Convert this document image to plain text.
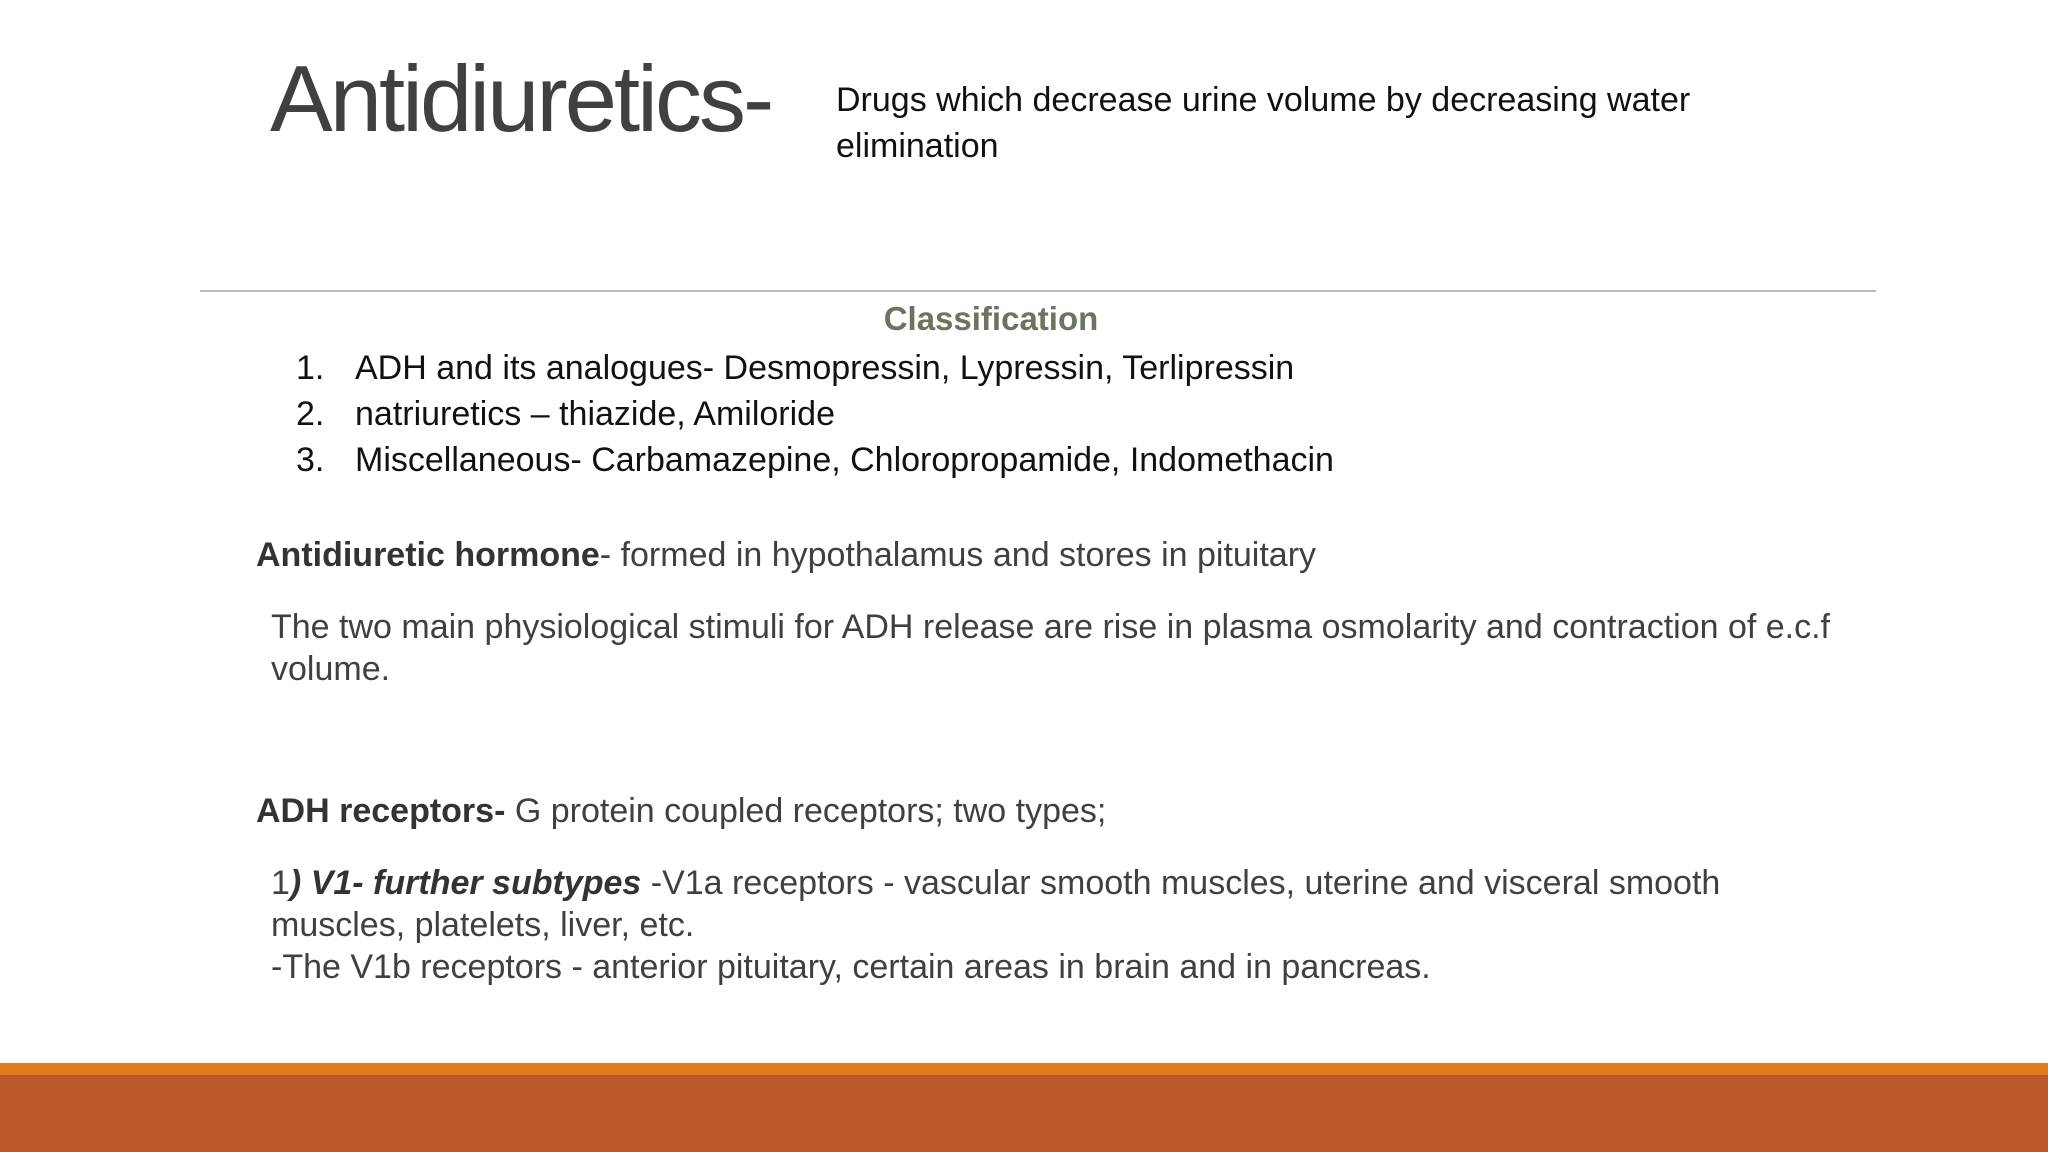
Antidiuretics- Drugs which decrease urine volume by decreasing water elimination
Classification
1. ADH and its analogues- Desmopressin, Lypressin, Terlipressin
2. natriuretics – thiazide, Amiloride
3. Miscellaneous- Carbamazepine, Chloropropamide, Indomethacin
Antidiuretic hormone- formed in hypothalamus and stores in pituitary
The two main physiological stimuli for ADH release are rise in plasma osmolarity and contraction of e.c.f volume.
ADH receptors- G protein coupled receptors; two types;
1) V1- further subtypes -V1a receptors - vascular smooth muscles, uterine and visceral smooth muscles, platelets, liver, etc.
-The V1b receptors - anterior pituitary, certain areas in brain and in pancreas.
